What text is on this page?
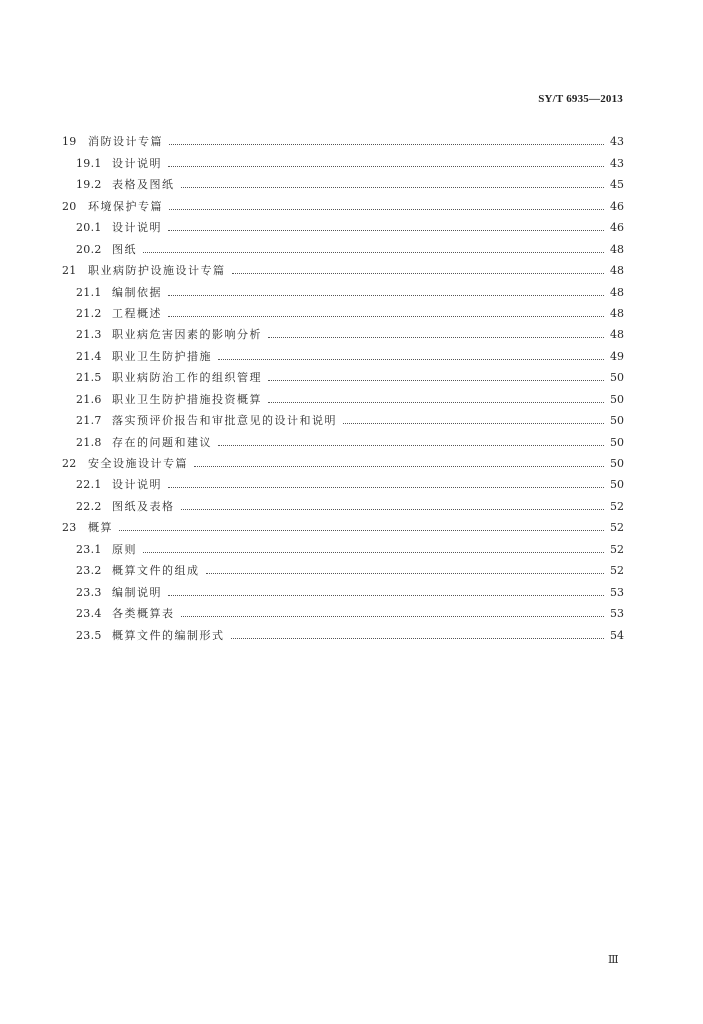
SY/T 6935—2013
19	消防设计专篇	43
19.1 设计说明	43
19.2 表格及图纸	45
20	环境保护专篇	46
20.1 设计说明	46
20.2 图纸	48
21	职业病防护设施设计专篇	48
21.1 编制依据	48
21.2 工程概述	48
21.3 职业病危害因素的影响分析	48
21.4 职业卫生防护措施	49
21.5 职业病防治工作的组织管理	50
21.6 职业卫生防护措施投资概算	50
21.7 落实预评价报告和审批意见的设计和说明	50
21.8 存在的问题和建议	50
22	安全设施设计专篇	50
22.1 设计说明	50
22.2 图纸及表格	52
23	概算	52
23.1 原则	52
23.2 概算文件的组成	52
23.3 编制说明	53
23.4 各类概算表	53
23.5 概算文件的编制形式	54
Ⅲ
